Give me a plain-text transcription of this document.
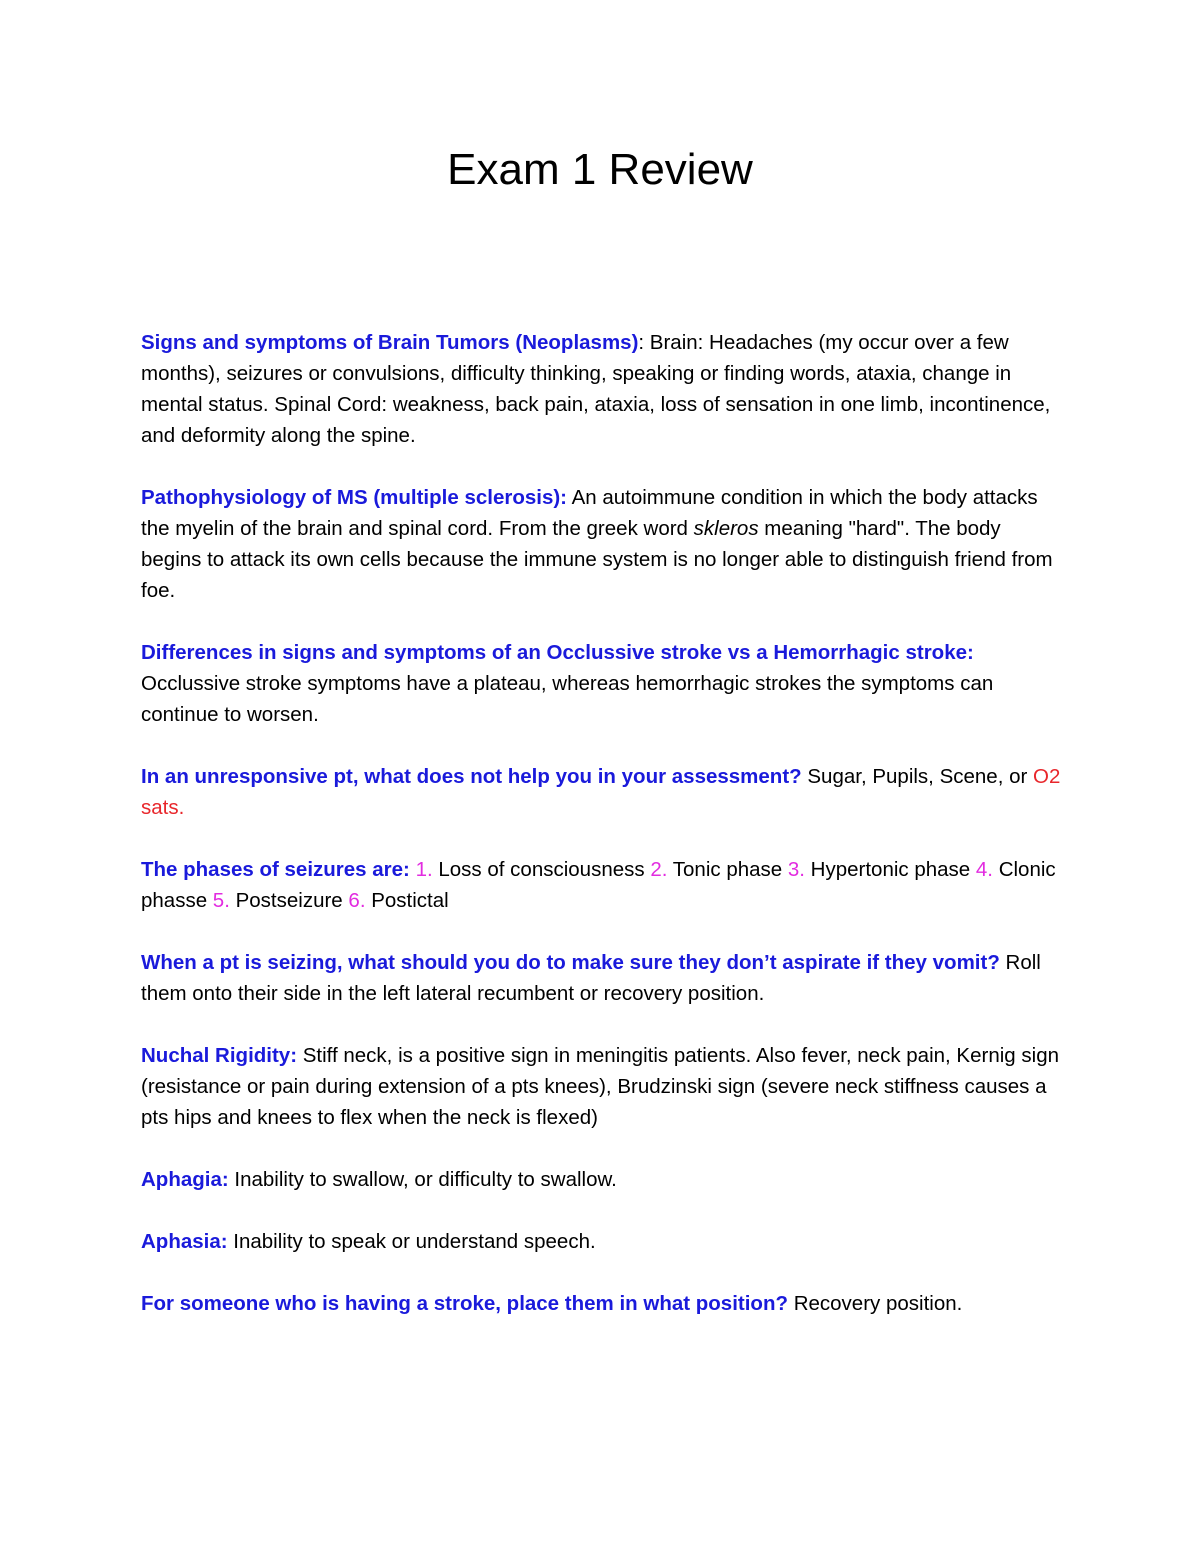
Exam 1 Review

Signs and symptoms of Brain Tumors (Neoplasms): Brain: Headaches (my occur over a few months), seizures or convulsions, difficulty thinking, speaking or finding words, ataxia, change in mental status. Spinal Cord: weakness, back pain, ataxia, loss of sensation in one limb, incontinence, and deformity along the spine.

Pathophysiology of MS (multiple sclerosis): An autoimmune condition in which the body attacks the myelin of the brain and spinal cord. From the greek word skleros meaning "hard". The body begins to attack its own cells because the immune system is no longer able to distinguish friend from foe.

Differences in signs and symptoms of an Occlussive stroke vs a Hemorrhagic stroke: Occlussive stroke symptoms have a plateau, whereas hemorrhagic strokes the symptoms can continue to worsen.

In an unresponsive pt, what does not help you in your assessment? Sugar, Pupils, Scene, or O2 sats.

The phases of seizures are: 1. Loss of consciousness 2. Tonic phase 3. Hypertonic phase 4. Clonic phasse 5. Postseizure 6. Postictal

When a pt is seizing, what should you do to make sure they don’t aspirate if they vomit? Roll them onto their side in the left lateral recumbent or recovery position.

Nuchal Rigidity: Stiff neck, is a positive sign in meningitis patients. Also fever, neck pain, Kernig sign (resistance or pain during extension of a pts knees), Brudzinski sign (severe neck stiffness causes a pts hips and knees to flex when the neck is flexed)

Aphagia: Inability to swallow, or difficulty to swallow.

Aphasia: Inability to speak or understand speech.

For someone who is having a stroke, place them in what position? Recovery position.
